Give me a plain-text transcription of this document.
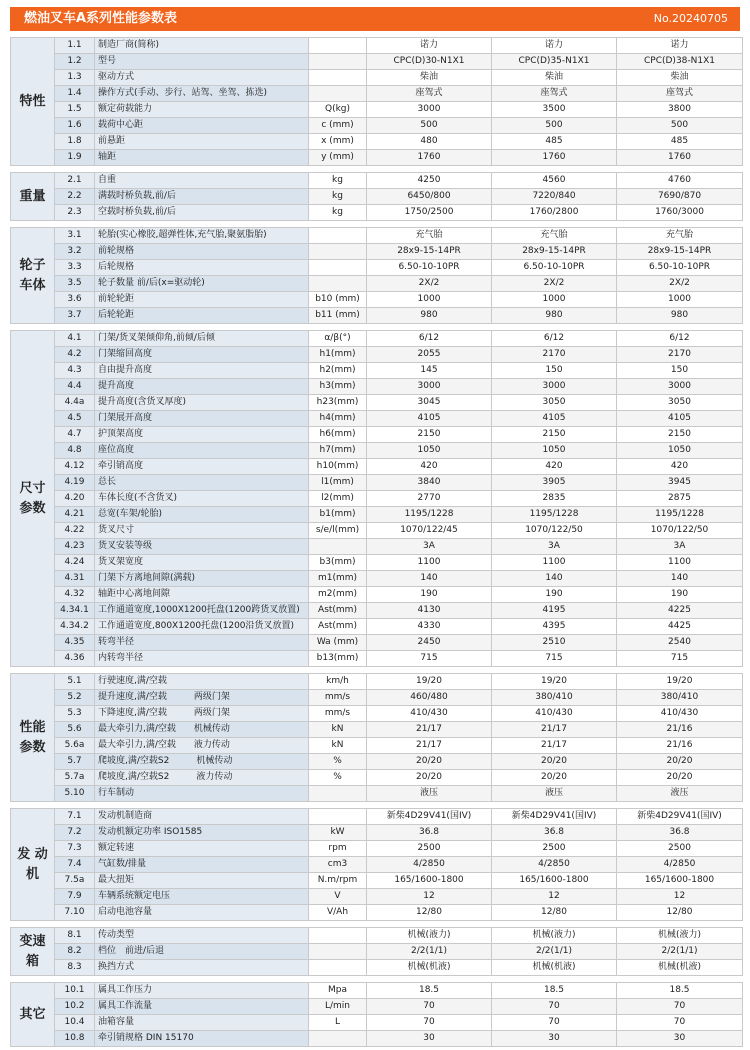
燃油叉车A系列性能参数表	No.20240705
特性	1.1	制造厂商(简称)		诺力	诺力	诺力
	1.2	型号		CPC(D)30-N1X1	CPC(D)35-N1X1	CPC(D)38-N1X1
	1.3	驱动方式		柴油	柴油	柴油
	1.4	操作方式(手动、步行、站驾、坐驾、拣选)		座驾式	座驾式	座驾式
	1.5	额定荷载能力	Q(kg)	3000	3500	3800
	1.6	载荷中心距	c (mm)	500	500	500
	1.8	前悬距	x (mm)	480	485	485
	1.9	轴距	y (mm)	1760	1760	1760

重量	2.1	自重	kg	4250	4560	4760
	2.2	满载时桥负载,前/后	kg	6450/800	7220/840	7690/870
	2.3	空载时桥负载,前/后	kg	1750/2500	1760/2800	1760/3000

轮子 车体	3.1	轮胎(实心橡胶,超弹性体,充气胎,聚氨脂胎)		充气胎	充气胎	充气胎
	3.2	前轮规格		28x9-15-14PR	28x9-15-14PR	28x9-15-14PR
	3.3	后轮规格		6.50-10-10PR	6.50-10-10PR	6.50-10-10PR
	3.5	轮子数量 前/后(x=驱动轮)		2X/2	2X/2	2X/2
	3.6	前轮轮距	b10 (mm)	1000	1000	1000
	3.7	后轮轮距	b11 (mm)	980	980	980

尺寸 参数	4.1	门架/货叉架倾仰角,前倾/后倾	α/β(°)	6/12	6/12	6/12
	4.2	门架缩回高度	h1(mm)	2055	2170	2170
	4.3	自由提升高度	h2(mm)	145	150	150
	4.4	提升高度	h3(mm)	3000	3000	3000
	4.4a	提升高度(含货叉厚度)	h23(mm)	3045	3050	3050
	4.5	门架展开高度	h4(mm)	4105	4105	4105
	4.7	护顶架高度	h6(mm)	2150	2150	2150
	4.8	座位高度	h7(mm)	1050	1050	1050
	4.12	牵引销高度	h10(mm)	420	420	420
	4.19	总长	l1(mm)	3840	3905	3945
	4.20	车体长度(不含货叉)	l2(mm)	2770	2835	2875
	4.21	总宽(车架/轮胎)	b1(mm)	1195/1228	1195/1228	1195/1228
	4.22	货叉尺寸	s/e/l(mm)	1070/122/45	1070/122/50	1070/122/50
	4.23	货叉安装等级		3A	3A	3A
	4.24	货叉架宽度	b3(mm)	1100	1100	1100
	4.31	门架下方离地间隙(满载)	m1(mm)	140	140	140
	4.32	轴距中心离地间隙	m2(mm)	190	190	190
	4.34.1	工作通道宽度,1000X1200托盘(1200跨货叉放置)	Ast(mm)	4130	4195	4225
	4.34.2	工作通道宽度,800X1200托盘(1200沿货叉放置)	Ast(mm)	4330	4395	4425
	4.35	转弯半径	Wa (mm)	2450	2510	2540
	4.36	内转弯半径	b13(mm)	715	715	715

性能 参数	5.1	行驶速度,满/空载	km/h	19/20	19/20	19/20
	5.2	提升速度,满/空载　　　两级门架	mm/s	460/480	380/410	380/410
	5.3	下降速度,满/空载　　　两级门架	mm/s	410/430	410/430	410/430
	5.6	最大牵引力,满/空载　　机械传动	kN	21/17	21/17	21/16
	5.6a	最大牵引力,满/空载　　液力传动	kN	21/17	21/17	21/16
	5.7	爬坡度,满/空载S2　　　机械传动	%	20/20	20/20	20/20
	5.7a	爬坡度,满/空载S2　　　液力传动	%	20/20	20/20	20/20
	5.10	行车制动		液压	液压	液压

发 动 机	7.1	发动机制造商		新柴4D29V41(国IV)	新柴4D29V41(国IV)	新柴4D29V41(国IV)
	7.2	发动机额定功率 ISO1585	kW	36.8	36.8	36.8
	7.3	额定转速	rpm	2500	2500	2500
	7.4	气缸数/排量	cm3	4/2850	4/2850	4/2850
	7.5a	最大扭矩	N.m/rpm	165/1600-1800	165/1600-1800	165/1600-1800
	7.9	车辆系统额定电压	V	12	12	12
	7.10	启动电池容量	V/Ah	12/80	12/80	12/80

变速箱	8.1	传动类型		机械(液力)	机械(液力)	机械(液力)
	8.2	档位　前进/后退		2/2(1/1)	2/2(1/1)	2/2(1/1)
	8.3	换挡方式		机械(机液)	机械(机液)	机械(机液)

其它	10.1	属具工作压力	Mpa	18.5	18.5	18.5
	10.2	属具工作流量	L/min	70	70	70
	10.4	油箱容量	L	70	70	70
	10.8	牵引销规格 DIN 15170		30	30	30
